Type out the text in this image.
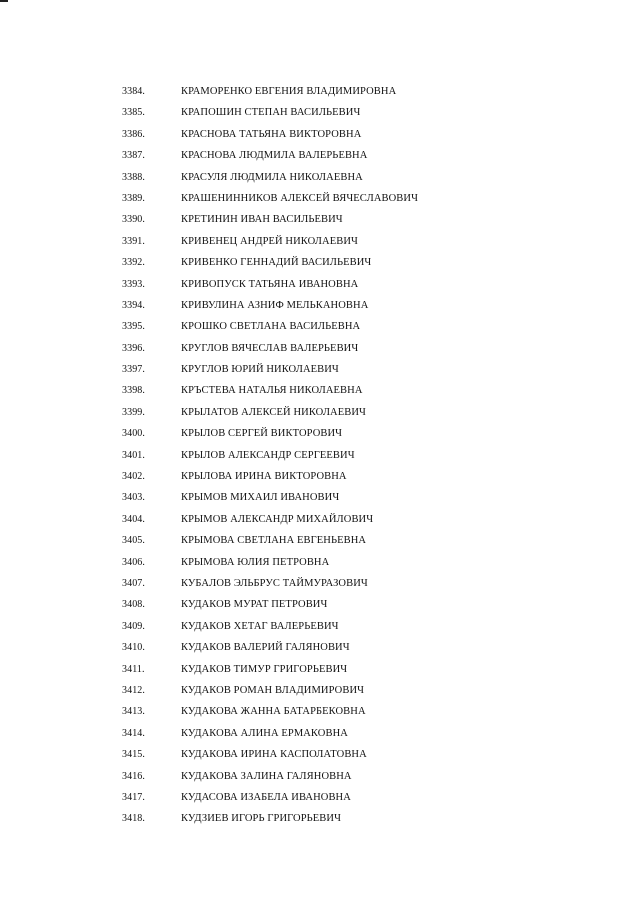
3384.	КРАМОРЕНКО ЕВГЕНИЯ ВЛАДИМИРОВНА
3385.	КРАПОШИН СТЕПАН ВАСИЛЬЕВИЧ
3386.	КРАСНОВА ТАТЬЯНА ВИКТОРОВНА
3387.	КРАСНОВА ЛЮДМИЛА ВАЛЕРЬЕВНА
3388.	КРАСУЛЯ ЛЮДМИЛА НИКОЛАЕВНА
3389.	КРАШЕНИННИКОВ АЛЕКСЕЙ ВЯЧЕСЛАВОВИЧ
3390.	КРЕТИНИН ИВАН ВАСИЛЬЕВИЧ
3391.	КРИВЕНЕЦ АНДРЕЙ НИКОЛАЕВИЧ
3392.	КРИВЕНКО ГЕННАДИЙ ВАСИЛЬЕВИЧ
3393.	КРИВОПУСК ТАТЬЯНА ИВАНОВНА
3394.	КРИВУЛИНА АЗНИФ МЕЛЬКАНОВНА
3395.	КРОШКО СВЕТЛАНА ВАСИЛЬЕВНА
3396.	КРУГЛОВ ВЯЧЕСЛАВ ВАЛЕРЬЕВИЧ
3397.	КРУГЛОВ ЮРИЙ НИКОЛАЕВИЧ
3398.	КРЪСТЕВА НАТАЛЬЯ НИКОЛАЕВНА
3399.	КРЫЛАТОВ АЛЕКСЕЙ НИКОЛАЕВИЧ
3400.	КРЫЛОВ СЕРГЕЙ ВИКТОРОВИЧ
3401.	КРЫЛОВ АЛЕКСАНДР СЕРГЕЕВИЧ
3402.	КРЫЛОВА ИРИНА ВИКТОРОВНА
3403.	КРЫМОВ МИХАИЛ ИВАНОВИЧ
3404.	КРЫМОВ АЛЕКСАНДР МИХАЙЛОВИЧ
3405.	КРЫМОВА СВЕТЛАНА ЕВГЕНЬЕВНА
3406.	КРЫМОВА ЮЛИЯ ПЕТРОВНА
3407.	КУБАЛОВ ЭЛЬБРУС ТАЙМУРАЗОВИЧ
3408.	КУДАКОВ МУРАТ ПЕТРОВИЧ
3409.	КУДАКОВ ХЕТАГ ВАЛЕРЬЕВИЧ
3410.	КУДАКОВ ВАЛЕРИЙ ГАЛЯНОВИЧ
3411.	КУДАКОВ ТИМУР ГРИГОРЬЕВИЧ
3412.	КУДАКОВ РОМАН ВЛАДИМИРОВИЧ
3413.	КУДАКОВА ЖАННА БАТАРБЕКОВНА
3414.	КУДАКОВА АЛИНА ЕРМАКОВНА
3415.	КУДАКОВА ИРИНА КАСПОЛАТОВНА
3416.	КУДАКОВА ЗАЛИНА ГАЛЯНОВНА
3417.	КУДАСОВА ИЗАБЕЛА ИВАНОВНА
3418.	КУДЗИЕВ ИГОРЬ ГРИГОРЬЕВИЧ
